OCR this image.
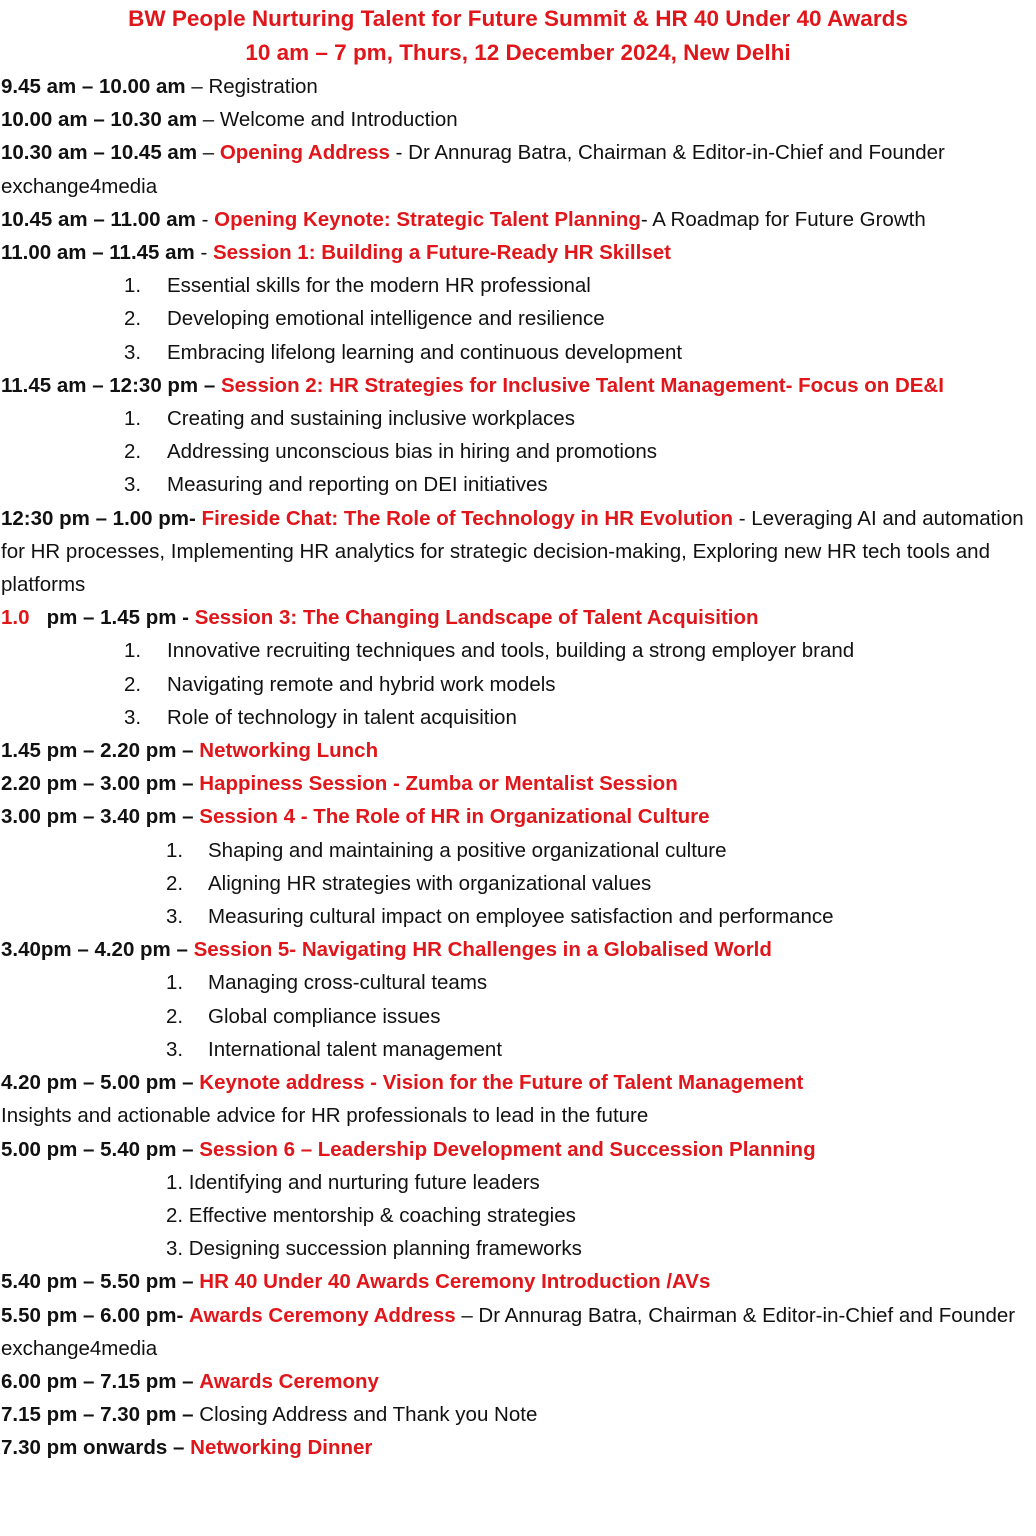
BW People Nurturing Talent for Future Summit & HR 40 Under 40 Awards
10 am – 7 pm, Thurs, 12 December 2024, New Delhi

9.45 am – 10.00 am – Registration

10.00 am – 10.30 am – Welcome and Introduction

10.30 am – 10.45 am – Opening Address - Dr Annurag Batra, Chairman & Editor-in-Chief and Founder exchange4media

10.45 am – 11.00 am - Opening Keynote: Strategic Talent Planning- A Roadmap for Future Growth

11.00 am – 11.45 am - Session 1: Building a Future-Ready HR Skillset

1. Essential skills for the modern HR professional
2. Developing emotional intelligence and resilience
3. Embracing lifelong learning and continuous development

11.45 am – 12:30 pm – Session 2: HR Strategies for Inclusive Talent Management- Focus on DE&I

1. Creating and sustaining inclusive workplaces
2. Addressing unconscious bias in hiring and promotions
3. Measuring and reporting on DEI initiatives

12:30 pm – 1.00 pm- Fireside Chat: The Role of Technology in HR Evolution - Leveraging AI and automation for HR processes, Implementing HR analytics for strategic decision-making, Exploring new HR tech tools and platforms

1.0   pm – 1.45 pm - Session 3: The Changing Landscape of Talent Acquisition

1. Innovative recruiting techniques and tools, building a strong employer brand
2. Navigating remote and hybrid work models
3. Role of technology in talent acquisition

1.45 pm – 2.20 pm – Networking Lunch

2.20 pm – 3.00 pm – Happiness Session - Zumba or Mentalist Session

3.00 pm – 3.40 pm – Session 4 - The Role of HR in Organizational Culture

1. Shaping and maintaining a positive organizational culture
2. Aligning HR strategies with organizational values
3. Measuring cultural impact on employee satisfaction and performance

3.40pm – 4.20 pm – Session 5- Navigating HR Challenges in a Globalised World

1. Managing cross-cultural teams
2. Global compliance issues
3. International talent management

4.20 pm – 5.00 pm – Keynote address - Vision for the Future of Talent Management

Insights and actionable advice for HR professionals to lead in the future

5.00 pm – 5.40 pm – Session 6 – Leadership Development and Succession Planning

1. Identifying and nurturing future leaders
2. Effective mentorship & coaching strategies
3. Designing succession planning frameworks

5.40 pm – 5.50 pm – HR 40 Under 40 Awards Ceremony Introduction /AVs

5.50 pm – 6.00 pm- Awards Ceremony Address – Dr Annurag Batra, Chairman & Editor-in-Chief and Founder exchange4media

6.00 pm – 7.15 pm – Awards Ceremony

7.15 pm – 7.30 pm – Closing Address and Thank you Note

7.30 pm onwards – Networking Dinner
